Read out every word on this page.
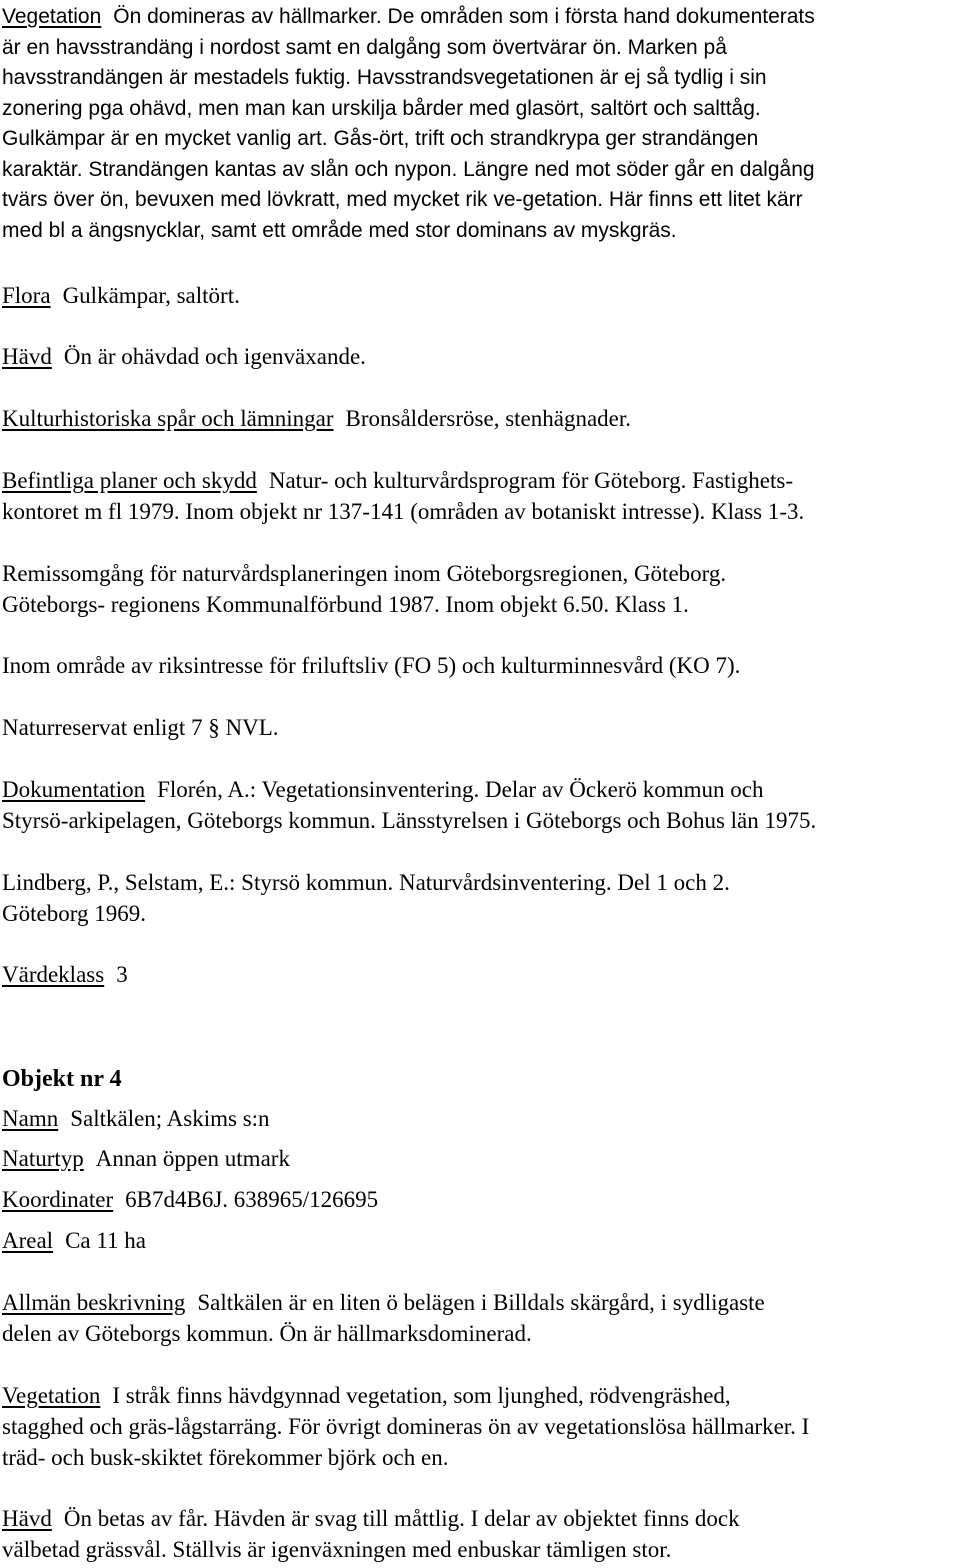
Vegetation Ön domineras av hällmarker. De områden som i första hand dokumenterats
är en havsstrandäng i nordost samt en dalgång som övertvärar ön. Marken på
havsstrandängen är mestadels fuktig. Havsstrandsvegetationen är ej så tydlig i sin
zonering pga ohävd, men man kan urskilja bårder med glasört, saltört och salttåg.
Gulkämpar är en mycket vanlig art. Gås-ört, trift och strandkrypa ger strandängen
karaktär. Strandängen kantas av slån och nypon. Längre ned mot söder går en dalgång
tvärs över ön, bevuxen med lövkratt, med mycket rik ve-getation. Här finns ett litet kärr
med bl a ängsnycklar, samt ett område med stor dominans av myskgräs.

Flora Gulkämpar, saltört.

Hävd Ön är ohävdad och igenväxande.

Kulturhistoriska spår och lämningar Bronsåldersröse, stenhägnader.

Befintliga planer och skydd Natur- och kulturvårdsprogram för Göteborg. Fastighets-
kontoret m fl 1979. Inom objekt nr 137-141 (områden av botaniskt intresse). Klass 1-3.

Remissomgång för naturvårdsplaneringen inom Göteborgsregionen, Göteborg.
Göteborgs- regionens Kommunalförbund 1987. Inom objekt 6.50. Klass 1.

Inom område av riksintresse för friluftsliv (FO 5) och kulturminnesvård (KO 7).

Naturreservat enligt 7 § NVL.

Dokumentation Florén, A.: Vegetationsinventering. Delar av Öckerö kommun och
Styrsö-arkipelagen, Göteborgs kommun. Länsstyrelsen i Göteborgs och Bohus län 1975.

Lindberg, P., Selstam, E.: Styrsö kommun. Naturvårdsinventering. Del 1 och 2.
Göteborg 1969.

Värdeklass 3

Objekt nr 4

Namn Saltkälen; Askims s:n

Naturtyp Annan öppen utmark

Koordinater 6B7d4B6J. 638965/126695

Areal Ca 11 ha

Allmän beskrivning Saltkälen är en liten ö belägen i Billdals skärgård, i sydligaste
delen av Göteborgs kommun. Ön är hällmarksdominerad.

Vegetation I stråk finns hävdgynnad vegetation, som ljunghed, rödvengräshed,
stagghed och gräs-lågstarräng. För övrigt domineras ön av vegetationslösa hällmarker. I
träd- och busk-skiktet förekommer björk och en.

Hävd Ön betas av får. Hävden är svag till måttlig. I delar av objektet finns dock
välbetad grässvål. Ställvis är igenväxningen med enbuskar tämligen stor.
